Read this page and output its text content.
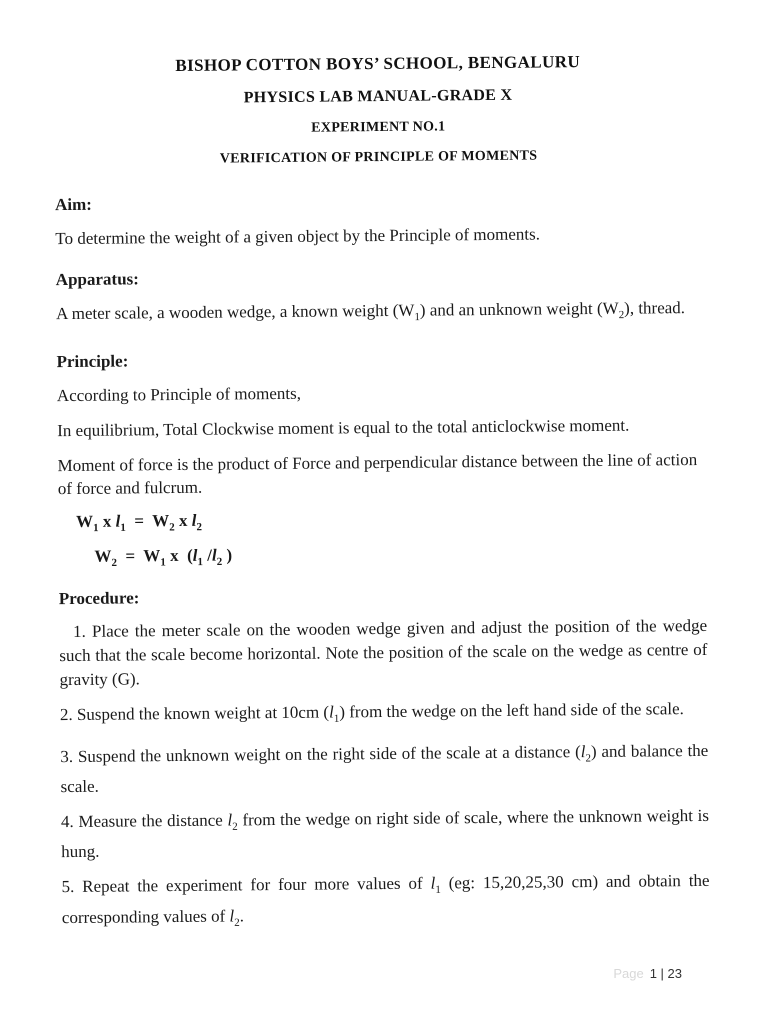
BISHOP COTTON BOYS’ SCHOOL, BENGALURU
PHYSICS LAB MANUAL-GRADE X
EXPERIMENT NO.1
VERIFICATION OF PRINCIPLE OF MOMENTS
Aim:
To determine the weight of a given object by the Principle of moments.
Apparatus:
A meter scale, a wooden wedge, a known weight $(W_1)$ and an unknown weight $(W_2)$, thread.
Principle:
According to Principle of moments,
In equilibrium, Total Clockwise moment is equal to the total anticlockwise moment.
Moment of force is the product of Force and perpendicular distance between the line of action of force and fulcrum.
$W_1$ x $l_1 = W_2$ x $l_2$
$W_2 = W_1$ x  ($l_1$ $/l_2$ )
Procedure:
1. Place the meter scale on the wooden wedge given and adjust the position of the wedge such that the scale become horizontal. Note the position of the scale on the wedge as centre of gravity (G).
2. Suspend the known weight at 10cm $(l_1)$ from the wedge on the left hand side of the scale.
3. Suspend the unknown weight on the right side of the scale at a distance $(l_2)$ and balance the scale.
4. Measure the distance $l_2$ from the wedge on right side of scale, where the unknown weight is hung.
5. Repeat the experiment for four more values of $l_1$ (eg: 15,20,25,30 cm) and obtain the corresponding values of $l_2$.
Page 1 | 23
